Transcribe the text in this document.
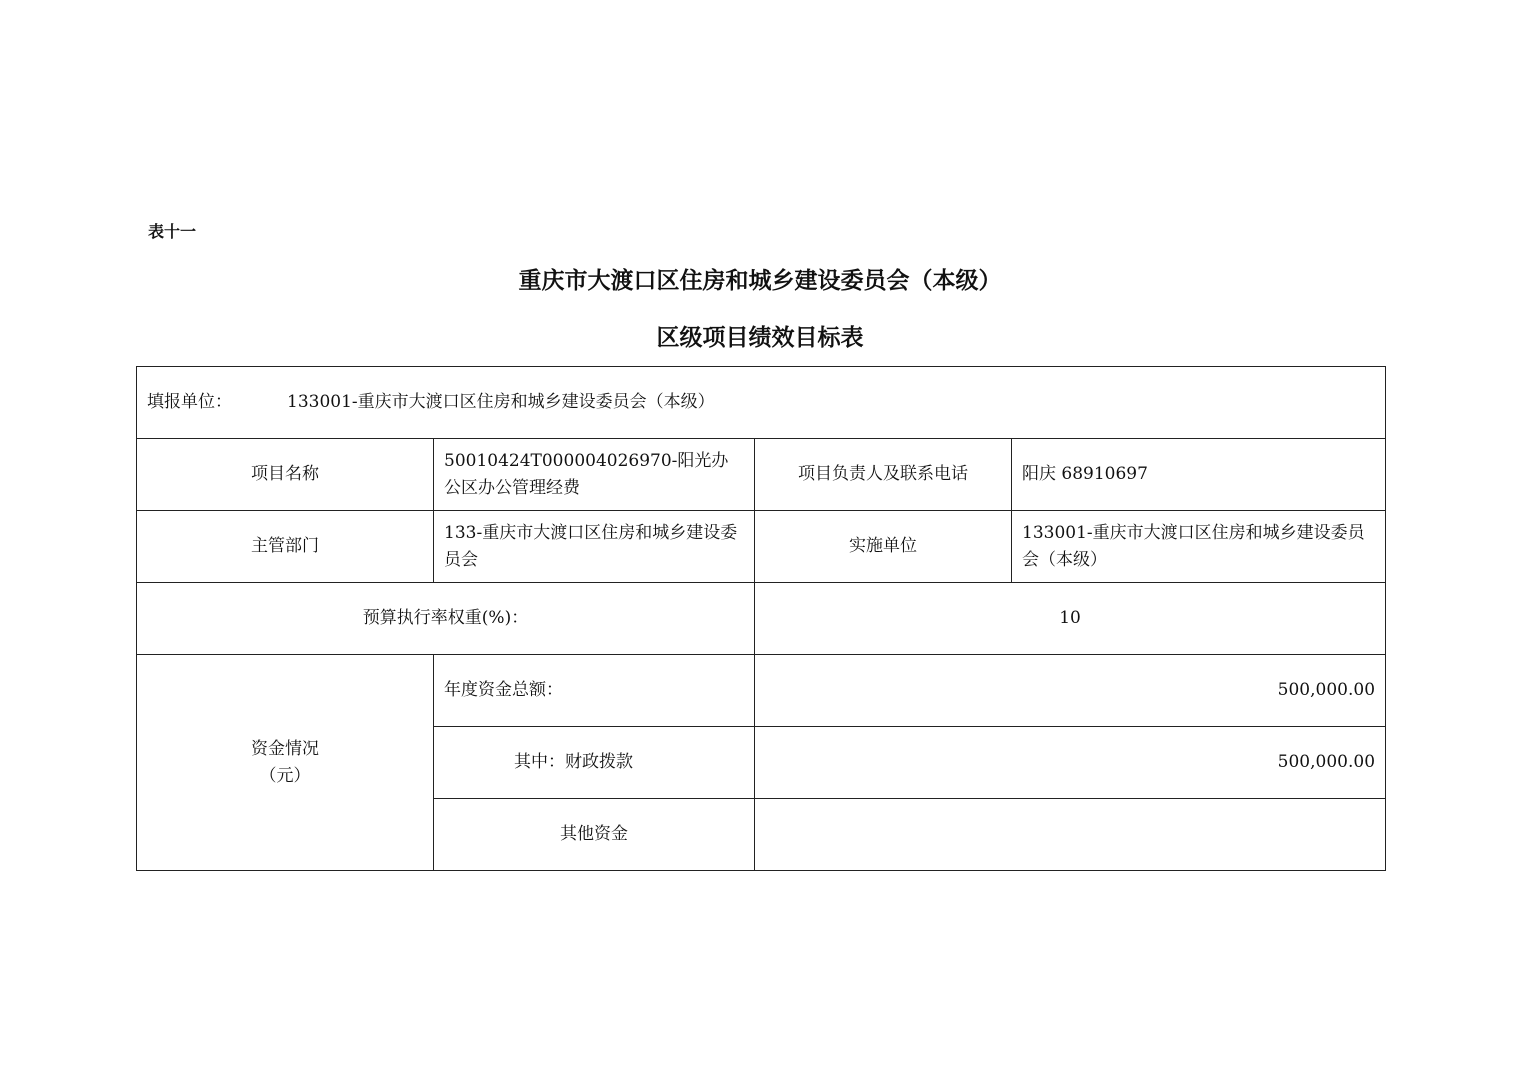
表十一
重庆市大渡口区住房和城乡建设委员会（本级）
区级项目绩效目标表
填报单位： 133001-重庆市大渡口区住房和城乡建设委员会（本级）			
项目名称	50010424T000004026970-阳光办公区办公管理经费	项目负责人及联系电话	阳庆 68910697
主管部门	133-重庆市大渡口区住房和城乡建设委员会	实施单位	133001-重庆市大渡口区住房和城乡建设委员会（本级）
预算执行率权重(%)：		10	

资金情况
（元）	年度资金总额：	500,000.00	
	其中：财政拨款	500,000.00	
	其他资金		
